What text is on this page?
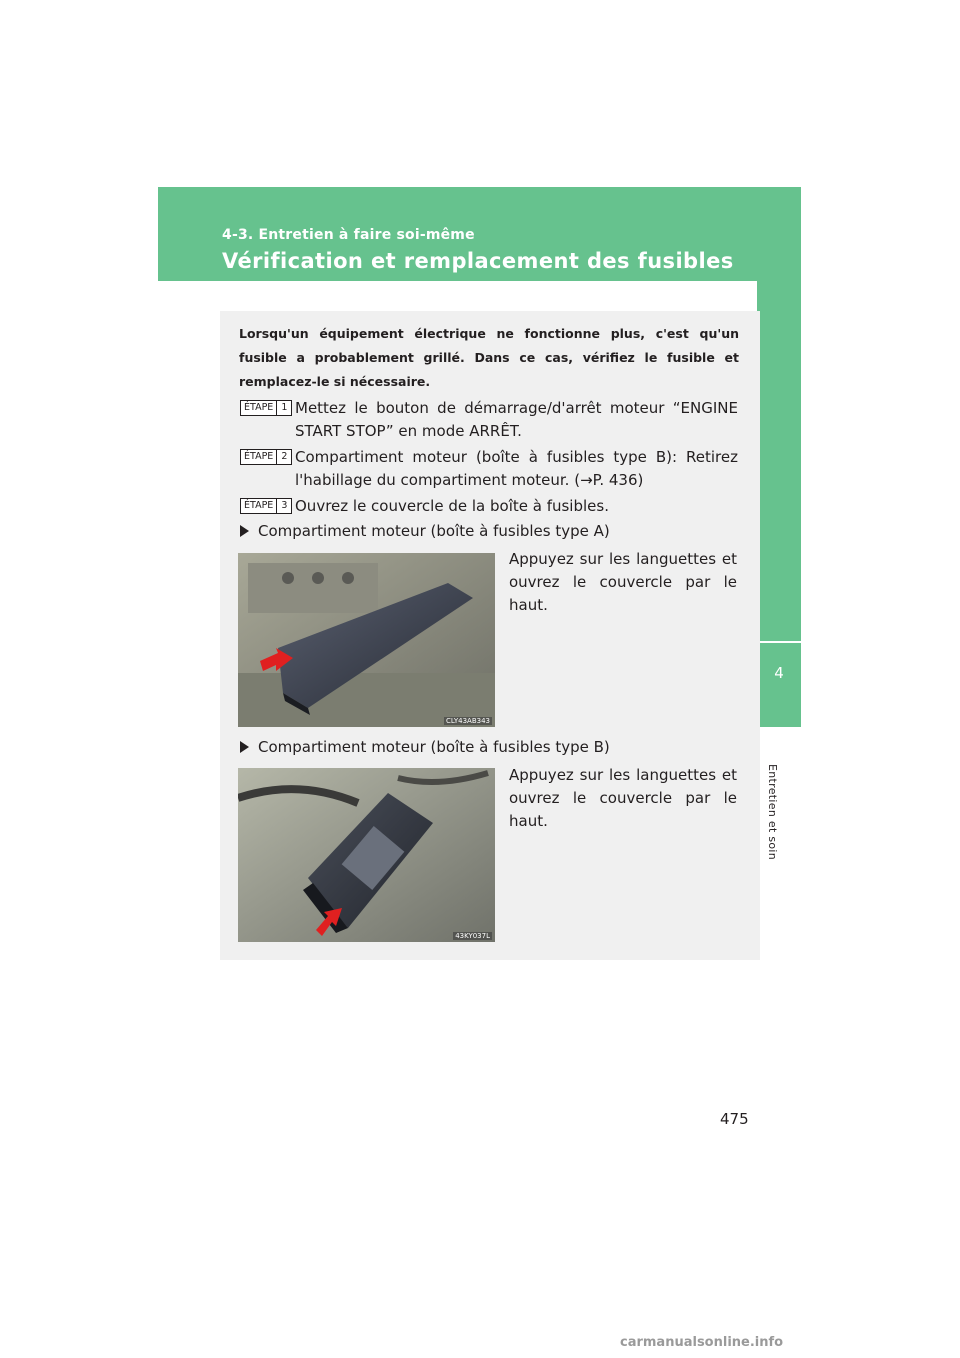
4-3. Entretien à faire soi-même
Vérification et remplacement des fusibles
4
Entretien et soin
Lorsqu'un équipement électrique ne fonctionne plus, c'est qu'un fusible a probablement grillé. Dans ce cas, vérifiez le fusible et remplacez-le si nécessaire.
ÉTAPE 1 Mettez le bouton de démarrage/d'arrêt moteur “ENGINE START STOP” en mode ARRÊT.
ÉTAPE 2 Compartiment moteur (boîte à fusibles type B): Retirez l'habillage du compartiment moteur. (→P. 436)
ÉTAPE 3 Ouvrez le couvercle de la boîte à fusibles.
Compartiment moteur (boîte à fusibles type A)
CLY43AB343
Appuyez sur les languettes et ouvrez le couvercle par le haut.
Compartiment moteur (boîte à fusibles type B)
43KY037L
Appuyez sur les languettes et ouvrez le couvercle par le haut.
475
carmanualsonline.info
